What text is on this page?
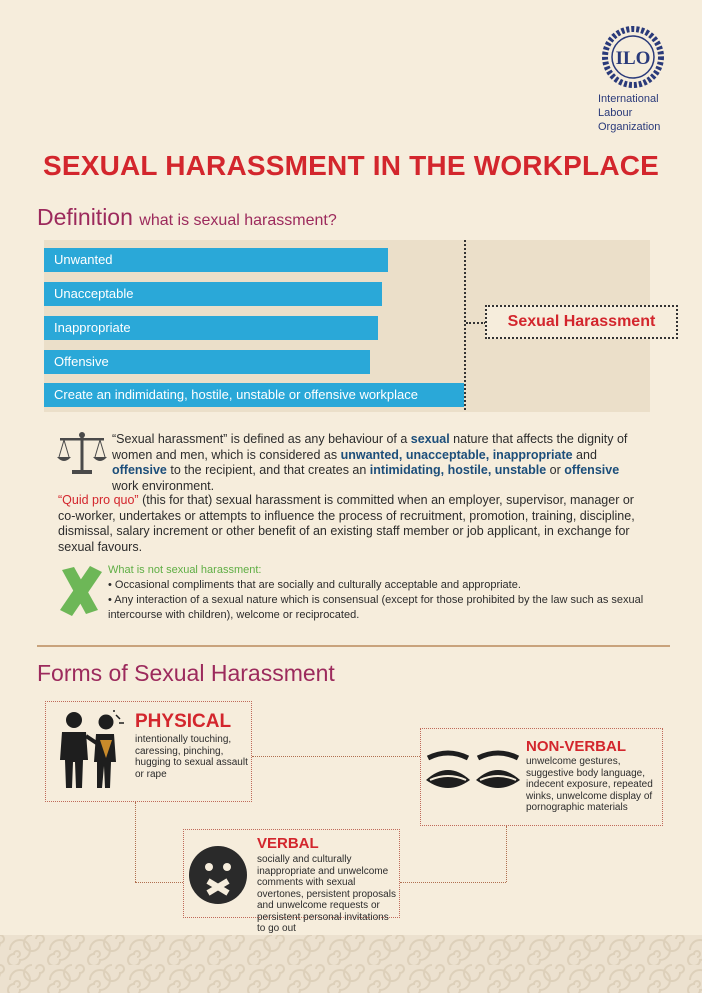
ILO
International
Labour
Organization
SEXUAL HARASSMENT IN THE WORKPLACE
Definition what is sexual harassment?
Unwanted
Unacceptable
Inappropriate
Offensive
Create an indimidating, hostile, unstable or offensive workplace
Sexual Harassment
“Sexual harassment” is defined as any behaviour of a sexual nature that affects the dignity of women and men, which is considered as unwanted, unacceptable, inappropriate and offensive to the recipient, and that creates an intimidating, hostile, unstable or offensive work environment.
“Quid pro quo” (this for that) sexual harassment is committed when an employer, supervisor, manager or co-worker, undertakes or attempts to influence the process of recruitment, promotion, training, discipline, dismissal, salary increment or other benefit of an existing staff member or job applicant, in exchange for sexual favours.
What is not sexual harassment:
• Occasional compliments that are socially and culturally acceptable and appropriate.
• Any interaction of a sexual nature which is consensual (except for those prohibited by the law such as sexual intercourse with children), welcome or reciprocated.
Forms of Sexual Harassment
PHYSICAL
intentionally touching, caressing, pinching, hugging to sexual assault or rape
NON-VERBAL
unwelcome gestures, suggestive body language, indecent exposure, repeated winks, unwelcome display of pornographic materials
VERBAL
socially and culturally inappropriate and unwelcome comments with sexual overtones, persistent proposals and unwelcome requests or persistent personal invitations to go out
